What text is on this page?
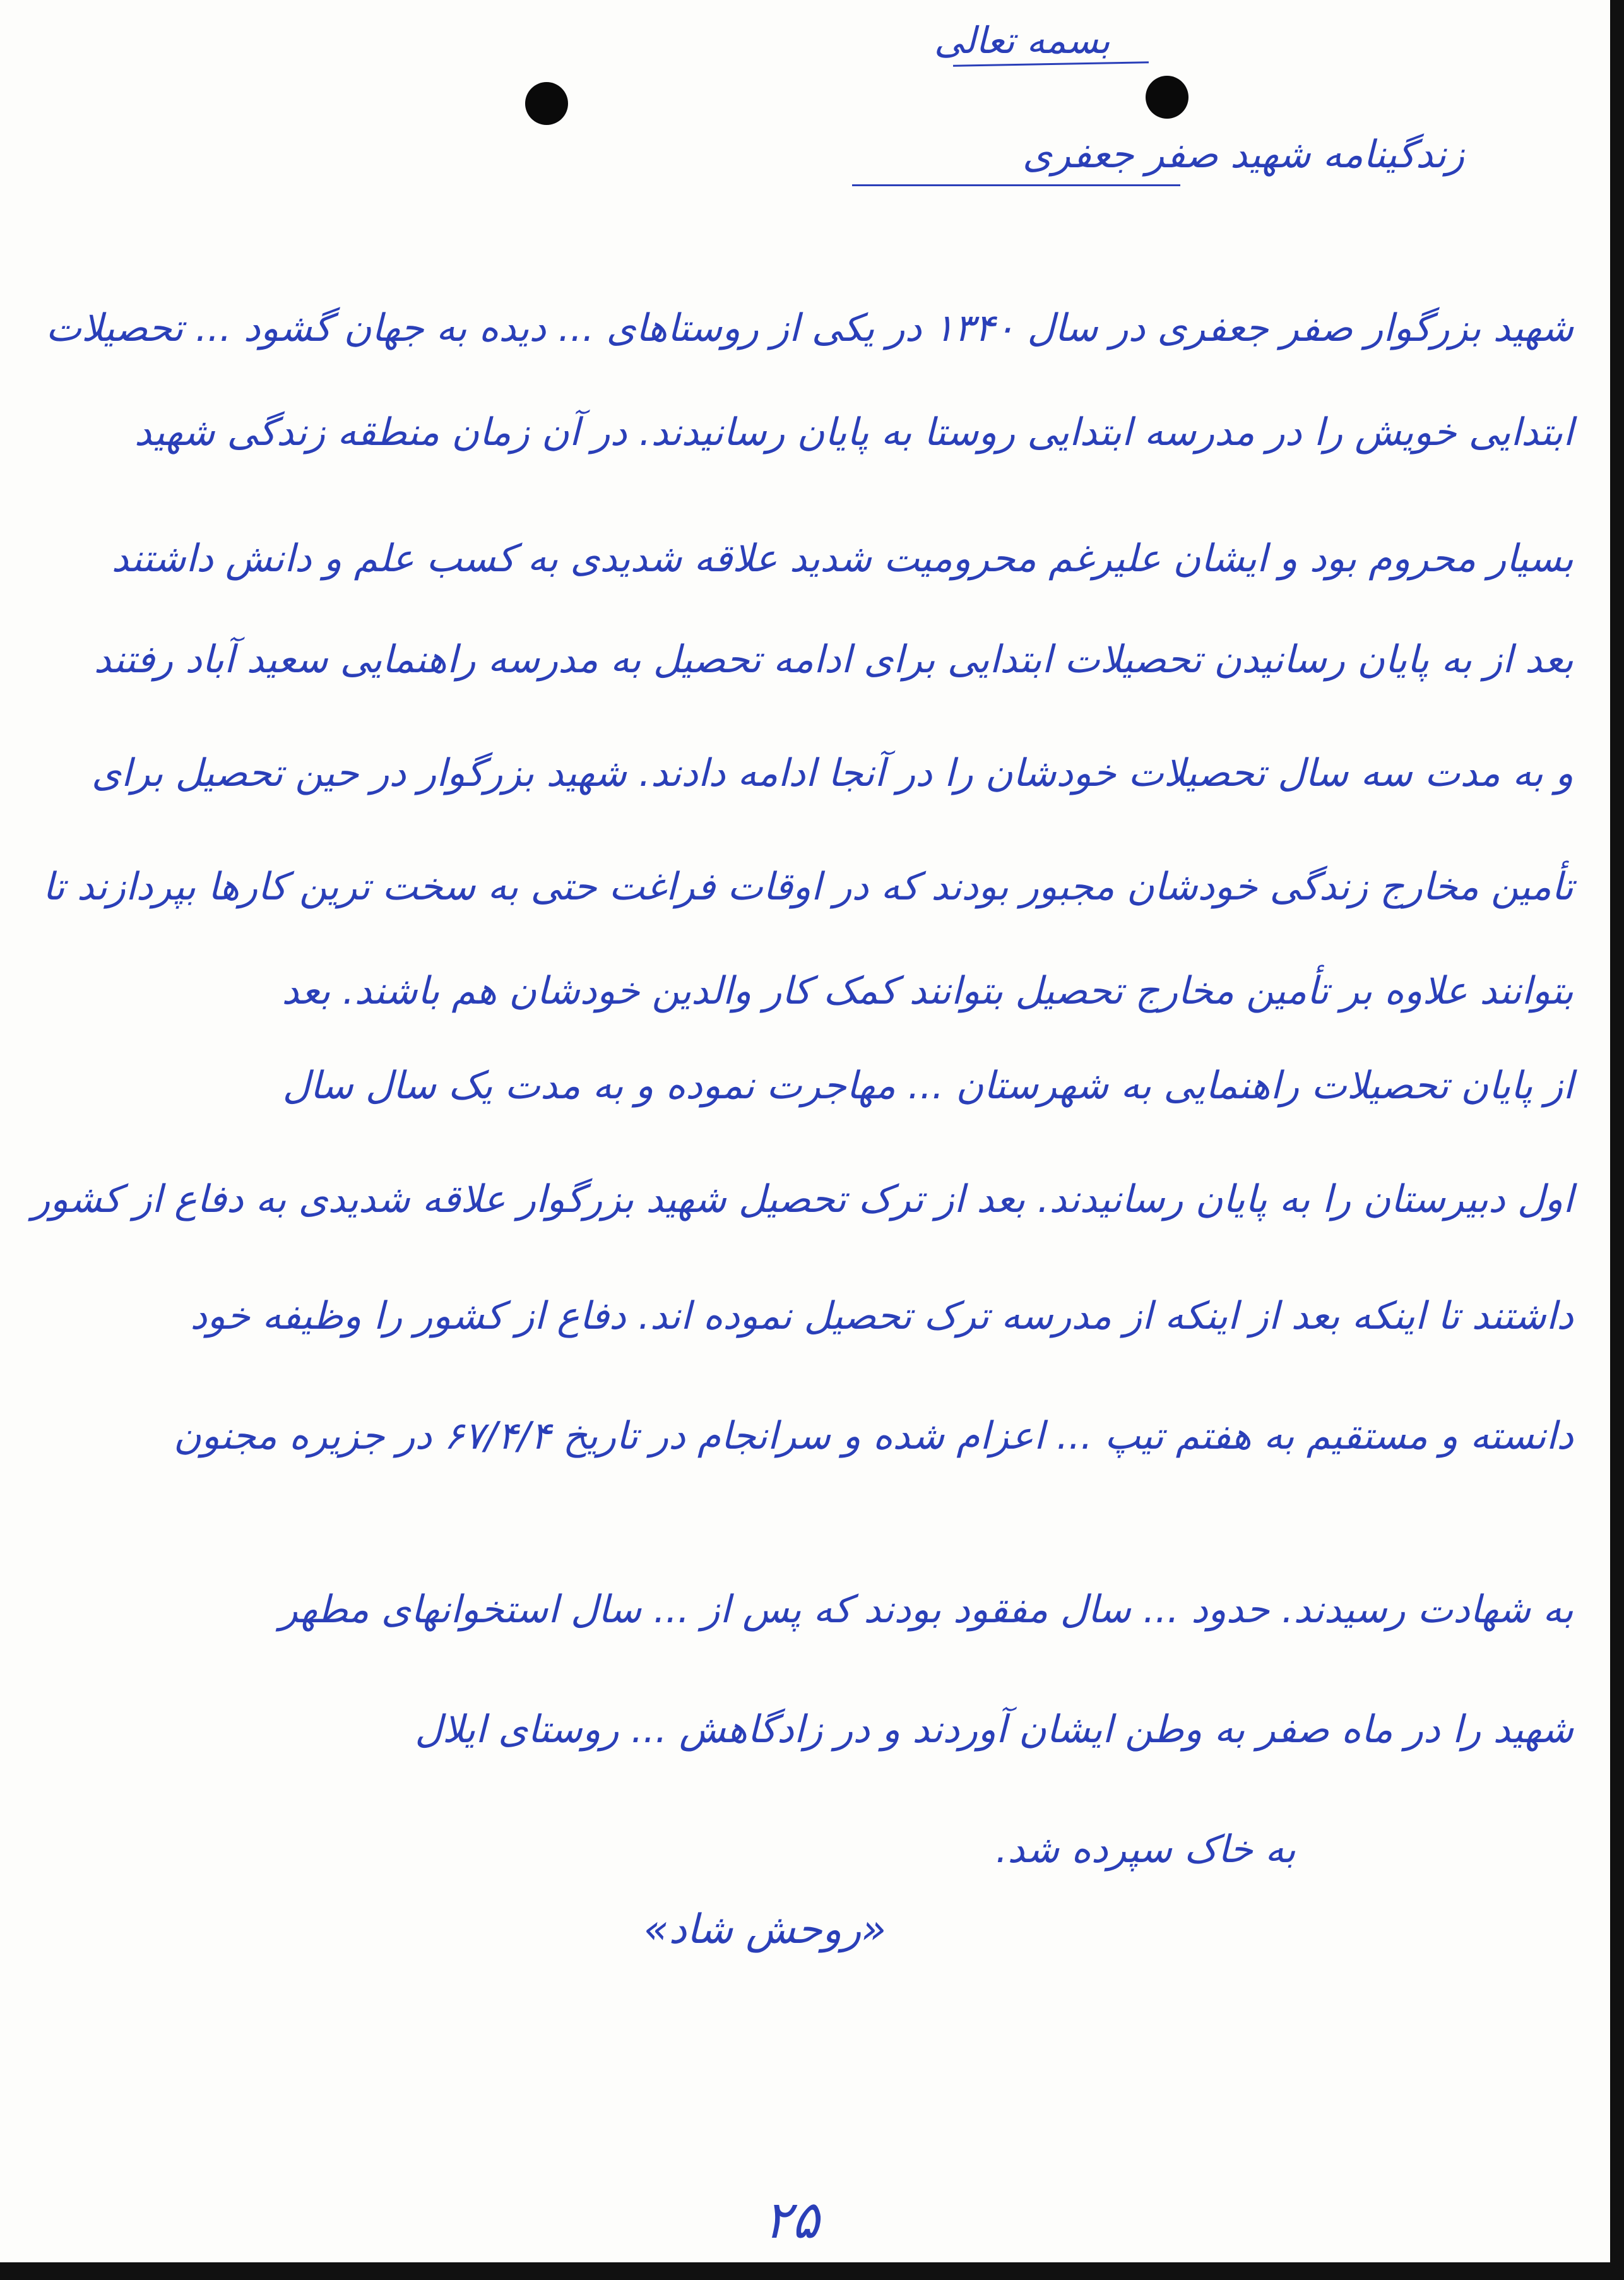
بسمه تعالی
زندگینامه شهید صفر جعفری
شهید بزرگوار صفر جعفری در سال ۱۳۴۰ در یکی از روستاهای ... دیده به جهان گشود ... تحصیلات
ابتدایی خویش را در مدرسه ابتدایی روستا به پایان رسانیدند. در آن زمان منطقه زندگی شهید
بسیار محروم بود و ایشان علیرغم محرومیت شدید علاقه شدیدی به کسب علم و دانش داشتند
بعد از به پایان رسانیدن تحصیلات ابتدایی برای ادامه تحصیل به مدرسه راهنمایی سعید آباد رفتند
و به مدت سه سال تحصیلات خودشان را در آنجا ادامه دادند. شهید بزرگوار در حین تحصیل برای
تأمین مخارج زندگی خودشان مجبور بودند که در اوقات فراغت حتی به سخت ترین کارها بپردازند تا
بتوانند علاوه بر تأمین مخارج تحصیل بتوانند کمک کار والدین خودشان هم باشند. بعد
از پایان تحصیلات راهنمایی به شهرستان ... مهاجرت نموده و به مدت یک سال سال
اول دبیرستان را به پایان رسانیدند. بعد از ترک تحصیل شهید بزرگوار علاقه شدیدی به دفاع از کشور
داشتند تا اینکه بعد از اینکه از مدرسه ترک تحصیل نموده اند. دفاع از کشور را وظیفه خود
دانسته و مستقیم به هفتم تیپ ... اعزام شده و سرانجام در تاریخ ۶۷/۴/۴ در جزیره مجنون
به شهادت رسیدند. حدود ... سال مفقود بودند که پس از ... سال استخوانهای مطهر
شهید را در ماه صفر به وطن ایشان آوردند و در زادگاهش ... روستای ایلال
به خاک سپرده شد.
«روحش شاد»
۲۵
